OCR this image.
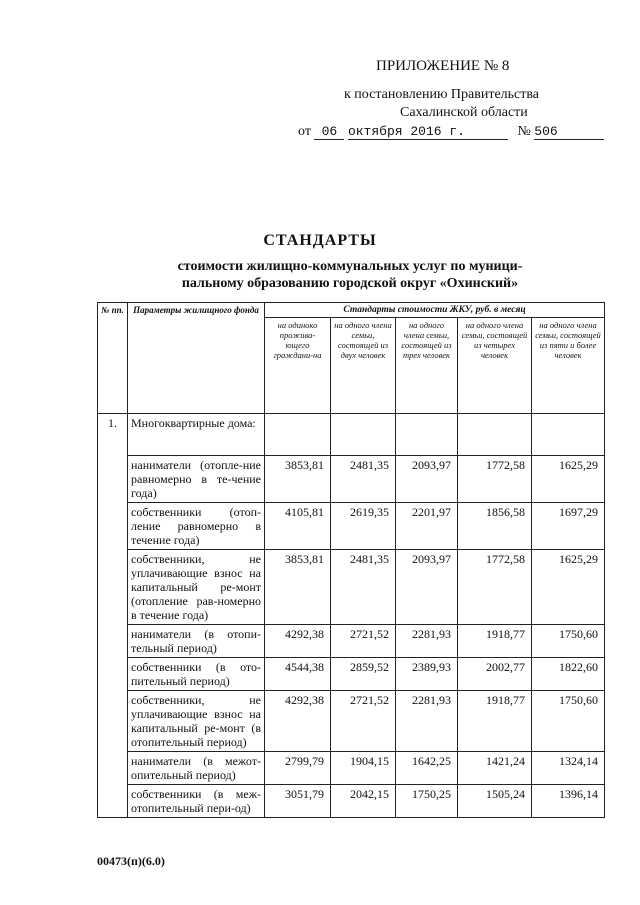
ПРИЛОЖЕНИЕ № 8
к постановлению Правительства
Сахалинской области
от 06 октября 2016 г.	№ 506
СТАНДАРТЫ
стоимости жилищно-коммунальных услуг по муници-пальному образованию городской округ «Охинский»
№ пп.	Параметры жилищного фонда	Стандарты стоимости ЖКУ, руб. в месяц				
		на одиноко прожива-ющего граждани-на	на одного члена семьи, состоящей из двух человек	на одного члена семьи, состоящей из трех человек	на одного члена семьи, состоящей из четырех человек	на одного члена семьи, состоящей из пяти и более человек
1.	Многоквартирные дома:					
	наниматели (отопле-ние равномерно в те-чение года)	3853,81	2481,35	2093,97	1772,58	1625,29
	собственники (отоп-ление равномерно в течение года)	4105,81	2619,35	2201,97	1856,58	1697,29
	собственники, не уплачивающие взнос на капитальный ре-монт (отопление рав-номерно в течение года)	3853,81	2481,35	2093,97	1772,58	1625,29
	наниматели (в отопи-тельный период)	4292,38	2721,52	2281,93	1918,77	1750,60
	собственники (в ото-пительный период)	4544,38	2859,52	2389,93	2002,77	1822,60
	собственники, не уплачивающие взнос на капитальный ре-монт (в отопительный период)	4292,38	2721,52	2281,93	1918,77	1750,60
	наниматели (в межот-опительный период)	2799,79	1904,15	1642,25	1421,24	1324,14
	собственники (в меж-отопительный пери-од)	3051,79	2042,15	1750,25	1505,24	1396,14
00473(п)(6.0)
